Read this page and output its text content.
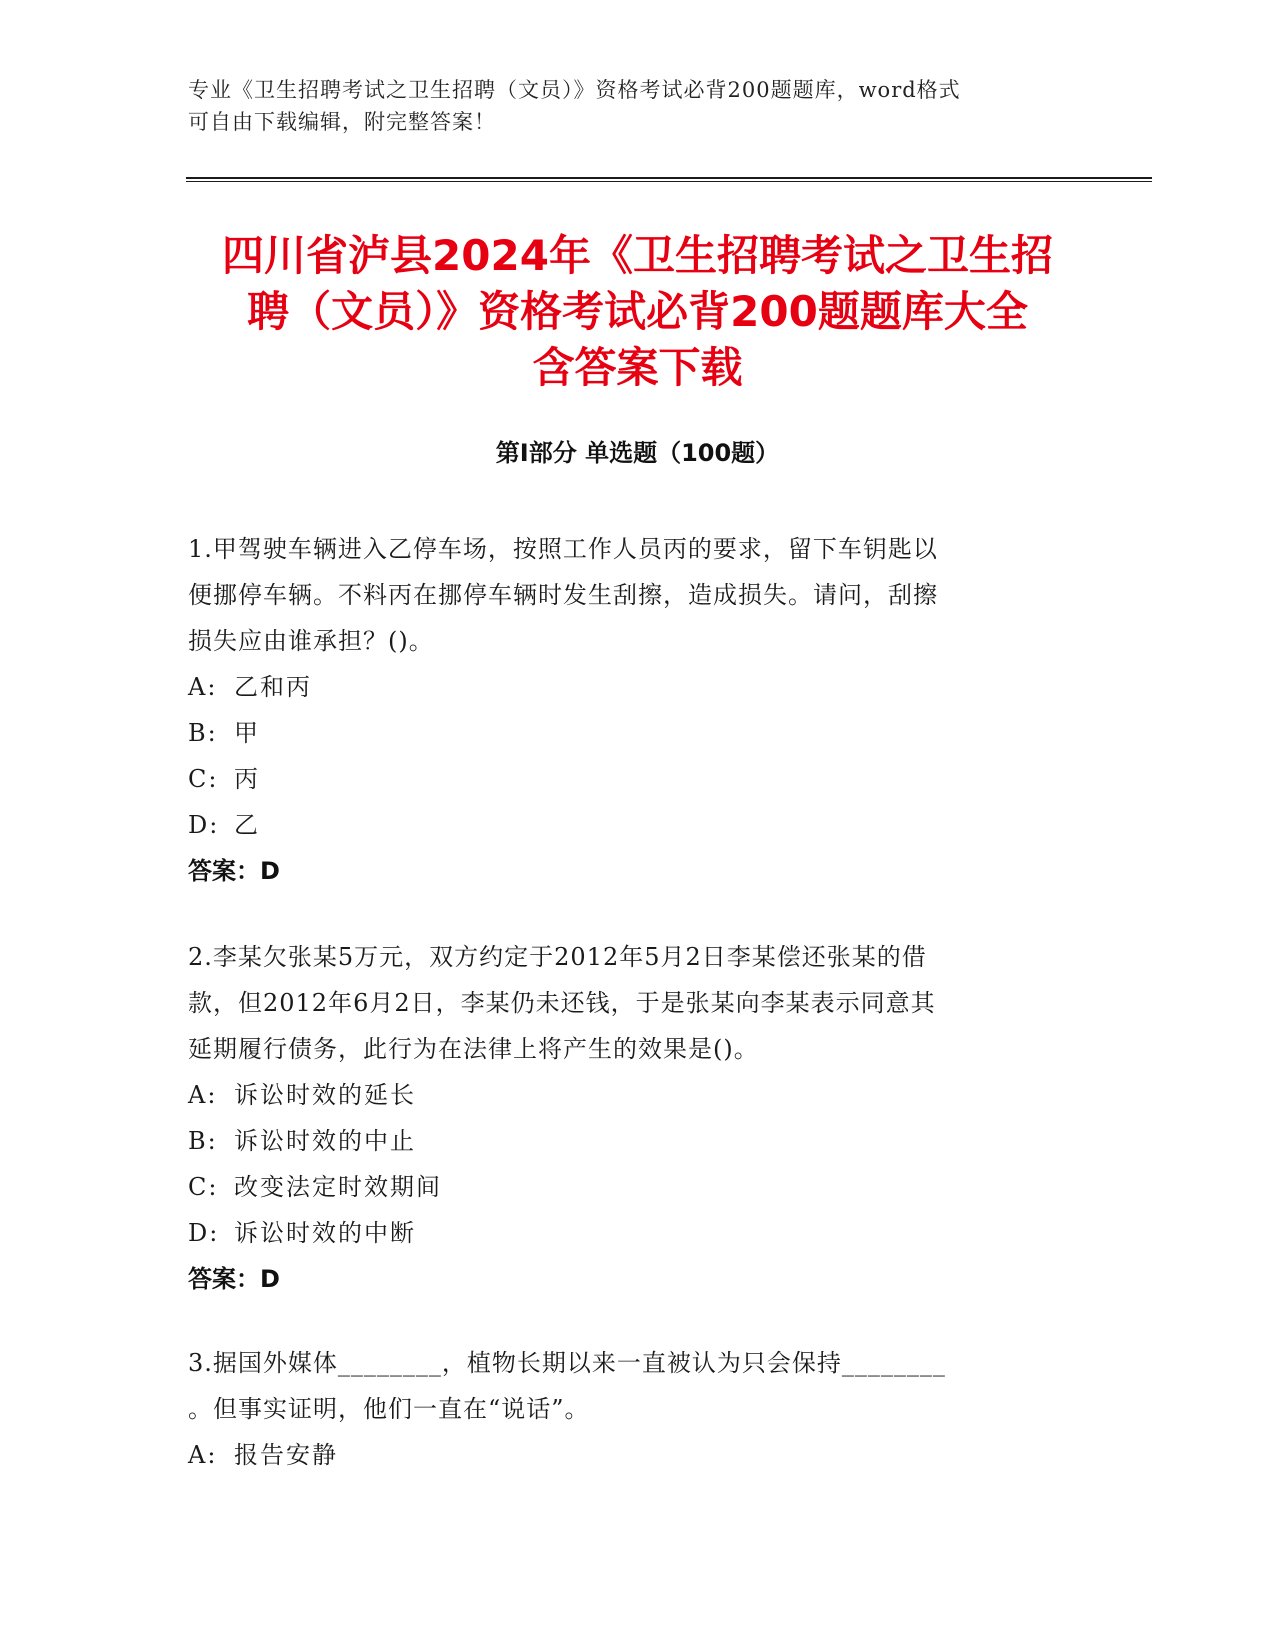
专业《卫生招聘考试之卫生招聘（文员）》资格考试必背200题题库，word格式
可自由下载编辑，附完整答案！
四川省泸县2024年《卫生招聘考试之卫生招
聘（文员）》资格考试必背200题题库大全
含答案下载
第I部分 单选题（100题）
1.甲驾驶车辆进入乙停车场，按照工作人员丙的要求，留下车钥匙以
便挪停车辆。不料丙在挪停车辆时发生刮擦，造成损失。请问，刮擦
损失应由谁承担？()。
A: 乙和丙
B: 甲
C: 丙
D: 乙
答案：D
2.李某欠张某5万元，双方约定于2012年5月2日李某偿还张某的借
款，但2012年6月2日，李某仍未还钱，于是张某向李某表示同意其
延期履行债务，此行为在法律上将产生的效果是()。
A: 诉讼时效的延长
B: 诉讼时效的中止
C: 改变法定时效期间
D: 诉讼时效的中断
答案：D
3.据国外媒体________，植物长期以来一直被认为只会保持________
。但事实证明，他们一直在“说话”。
A: 报告安静
